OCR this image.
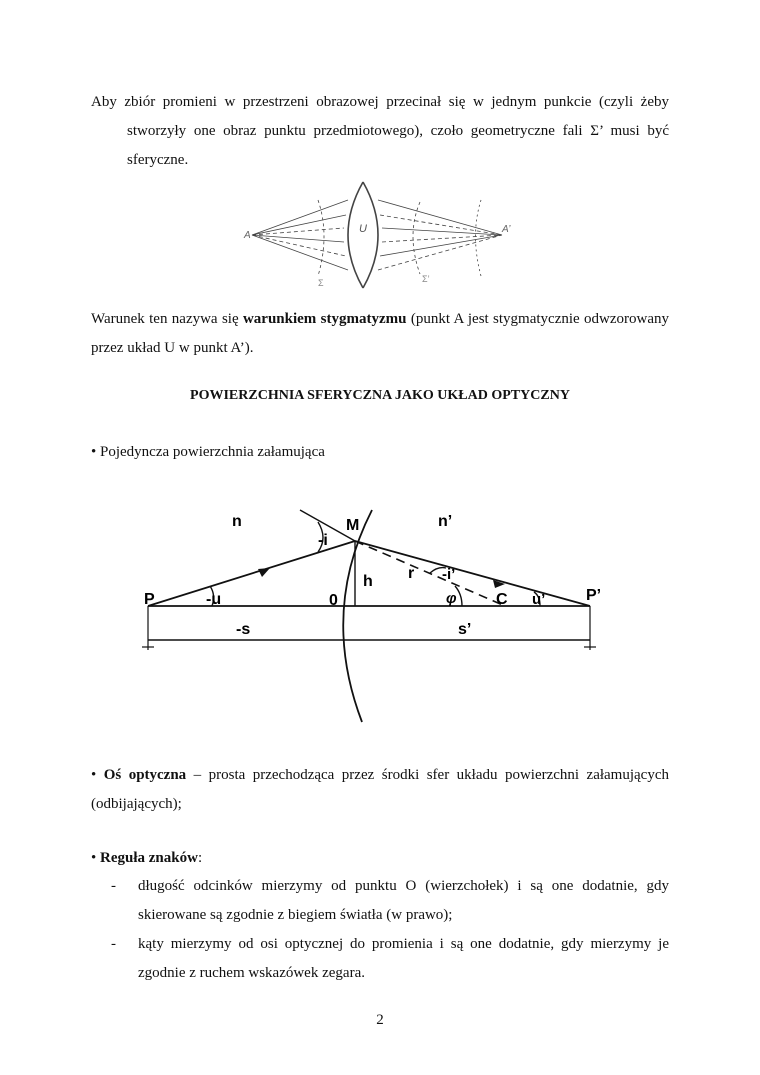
Aby zbiór promieni w przestrzeni obrazowej przecinał się w jednym punkcie (czyli żeby
stworzyły one obraz punktu przedmiotowego), czoło geometryczne fali Σ’ musi być
sferyczne.
A
U	A’
Σ	Σ’

Warunek ten nazywa się warunkiem stygmatyzmu (punkt A jest stygmatycznie odwzorowany przez układ U w punkt A’).

POWIERZCHNIA SFERYCZNA JAKO UKŁAD OPTYCZNY

• Pojedyncza powierzchnia załamująca

n	n’
M
-i
r -i’
h
P	-u	0	φ C u’	P’
-s	s’
• Oś optyczna – prosta przechodząca przez środki sfer układu powierzchni załamujących
(odbijających);

• Reguła znaków:

- długość odcinków mierzymy od punktu O (wierzchołek) i są one dodatnie, gdy skierowane są zgodnie z biegiem światła (w prawo);
- kąty mierzymy od osi optycznej do promienia i są one dodatnie, gdy mierzymy je zgodnie z ruchem wskazówek zegara.
2
